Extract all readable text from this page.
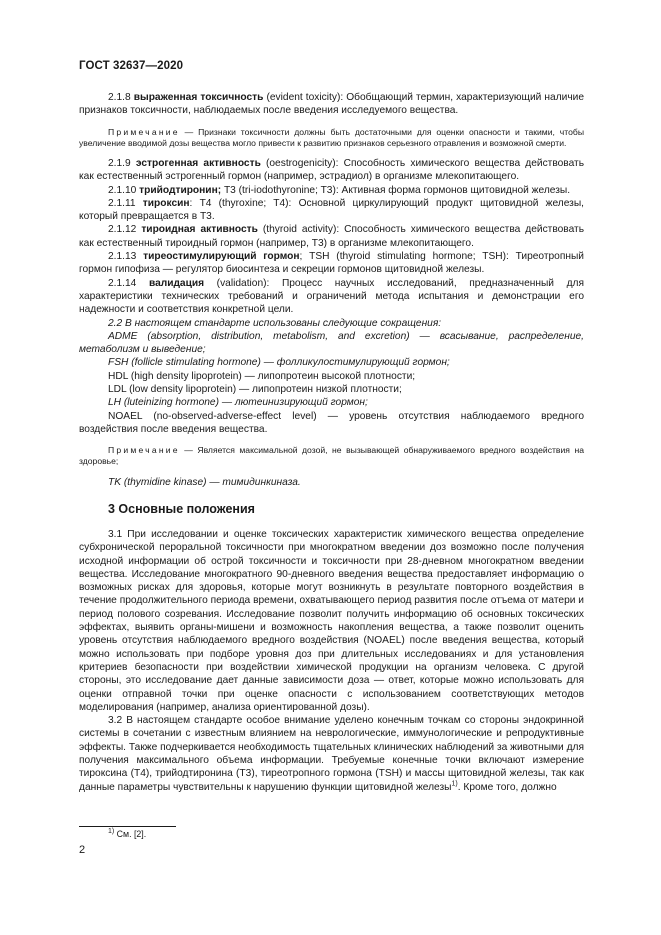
ГОСТ 32637—2020

2.1.8 выраженная токсичность (evident toxicity): Обобщающий термин, характеризующий наличие признаков токсичности, наблюдаемых после введения исследуемого вещества.

Примечание — Признаки токсичности должны быть достаточными для оценки опасности и такими, чтобы увеличение вводимой дозы вещества могло привести к развитию признаков серьезного отравления и возможной смерти.

2.1.9 эстрогенная активность (oestrogenicity): Способность химического вещества действовать как естественный эстрогенный гормон (например, эстрадиол) в организме млекопитающего.

2.1.10 трийодтиронин; T3 (tri-iodothyronine; T3): Активная форма гормонов щитовидной железы.

2.1.11 тироксин: T4 (thyroxine; T4): Основной циркулирующий продукт щитовидной железы, который превращается в T3.

2.1.12 тироидная активность (thyroid activity): Способность химического вещества действовать как естественный тироидный гормон (например, T3) в организме млекопитающего.

2.1.13 тиреостимулирующий гормон; TSH (thyroid stimulating hormone; TSH): Тиреотропный гормон гипофиза — регулятор биосинтеза и секреции гормонов щитовидной железы.

2.1.14 валидация (validation): Процесс научных исследований, предназначенный для характеристики технических требований и ограничений метода испытания и демонстрации его надежности и соответствия конкретной цели.

2.2 В настоящем стандарте использованы следующие сокращения:

ADME (absorption, distribution, metabolism, and excretion) — всасывание, распределение, метаболизм и выведение;

FSH (follicle stimulating hormone) — фолликулостимулирующий гормон;

HDL (high density lipoprotein) — липопротеин высокой плотности;

LDL (low density lipoprotein) — липопротеин низкой плотности;

LH (luteinizing hormone) — лютеинизирующий гормон;

NOAEL (no-observed-adverse-effect level) — уровень отсутствия наблюдаемого вредного воздействия после введения вещества.

Примечание — Является максимальной дозой, не вызывающей обнаруживаемого вредного воздействия на здоровье;

TK (thymidine kinase) — тимидинкиназа.

3 Основные положения

3.1 При исследовании и оценке токсических характеристик химического вещества определение субхронической пероральной токсичности при многократном введении доз возможно после получения исходной информации об острой токсичности и токсичности при 28-дневном многократном введении вещества. Исследование многократного 90-дневного введения вещества предоставляет информацию о возможных рисках для здоровья, которые могут возникнуть в результате повторного воздействия в течение продолжительного периода времени, охватывающего период развития после отъема от матери и период полового созревания. Исследование позволит получить информацию об основных токсических эффектах, выявить органы-мишени и возможность накопления вещества, а также позволит оценить уровень отсутствия наблюдаемого вредного воздействия (NOAEL) после введения вещества, который можно использовать при подборе уровня доз при длительных исследованиях и для установления критериев безопасности при воздействии химической продукции на организм человека. С другой стороны, это исследование дает данные зависимости доза — ответ, которые можно использовать для оценки отправной точки при оценке опасности с использованием соответствующих методов моделирования (например, анализа ориентированной дозы).

3.2 В настоящем стандарте особое внимание уделено конечным точкам со стороны эндокринной системы в сочетании с известным влиянием на неврологические, иммунологические и репродуктивные эффекты. Также подчеркивается необходимость тщательных клинических наблюдений за животными для получения максимального объема информации. Требуемые конечные точки включают измерение тироксина (T4), трийодтиронина (T3), тиреотропного гормона (TSH) и массы щитовидной железы, так как данные параметры чувствительны к нарушению функции щитовидной железы$^{1)}$. Кроме того, должно

$^{1)}$ См. [2].
2
